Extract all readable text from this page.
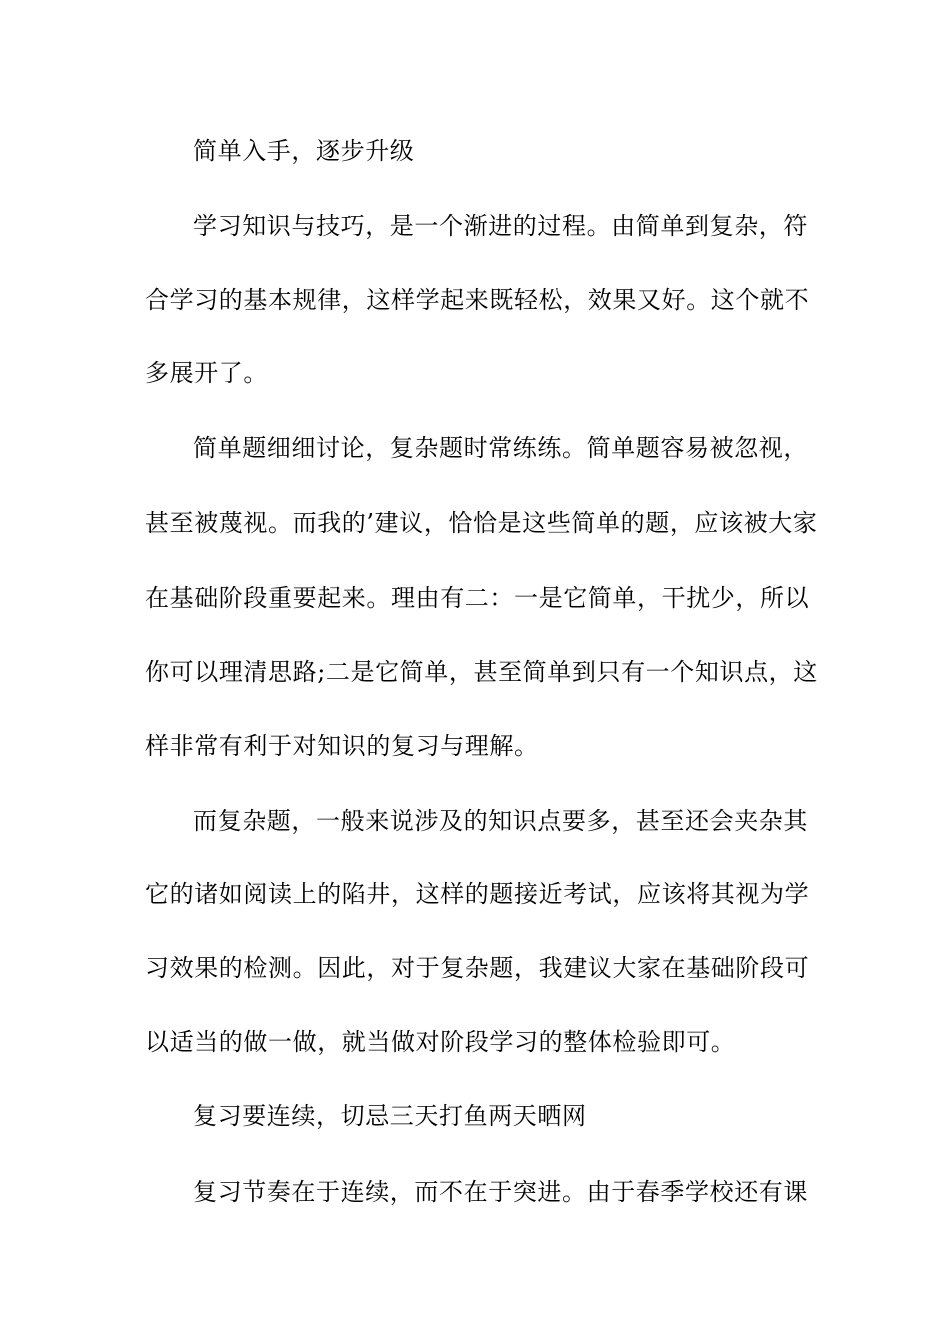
简单入手，逐步升级
学习知识与技巧，是一个渐进的过程。由简单到复杂，符
合学习的基本规律，这样学起来既轻松，效果又好。这个就不
多展开了。
简单题细细讨论，复杂题时常练练。简单题容易被忽视，
甚至被蔑视。而我的’建议，恰恰是这些简单的题，应该被大家
在基础阶段重要起来。理由有二：一是它简单，干扰少，所以
你可以理清思路;二是它简单，甚至简单到只有一个知识点，这
样非常有利于对知识的复习与理解。
而复杂题，一般来说涉及的知识点要多，甚至还会夹杂其
它的诸如阅读上的陷井，这样的题接近考试，应该将其视为学
习效果的检测。因此，对于复杂题，我建议大家在基础阶段可
以适当的做一做，就当做对阶段学习的整体检验即可。
复习要连续，切忌三天打鱼两天晒网
复习节奏在于连续，而不在于突进。由于春季学校还有课
